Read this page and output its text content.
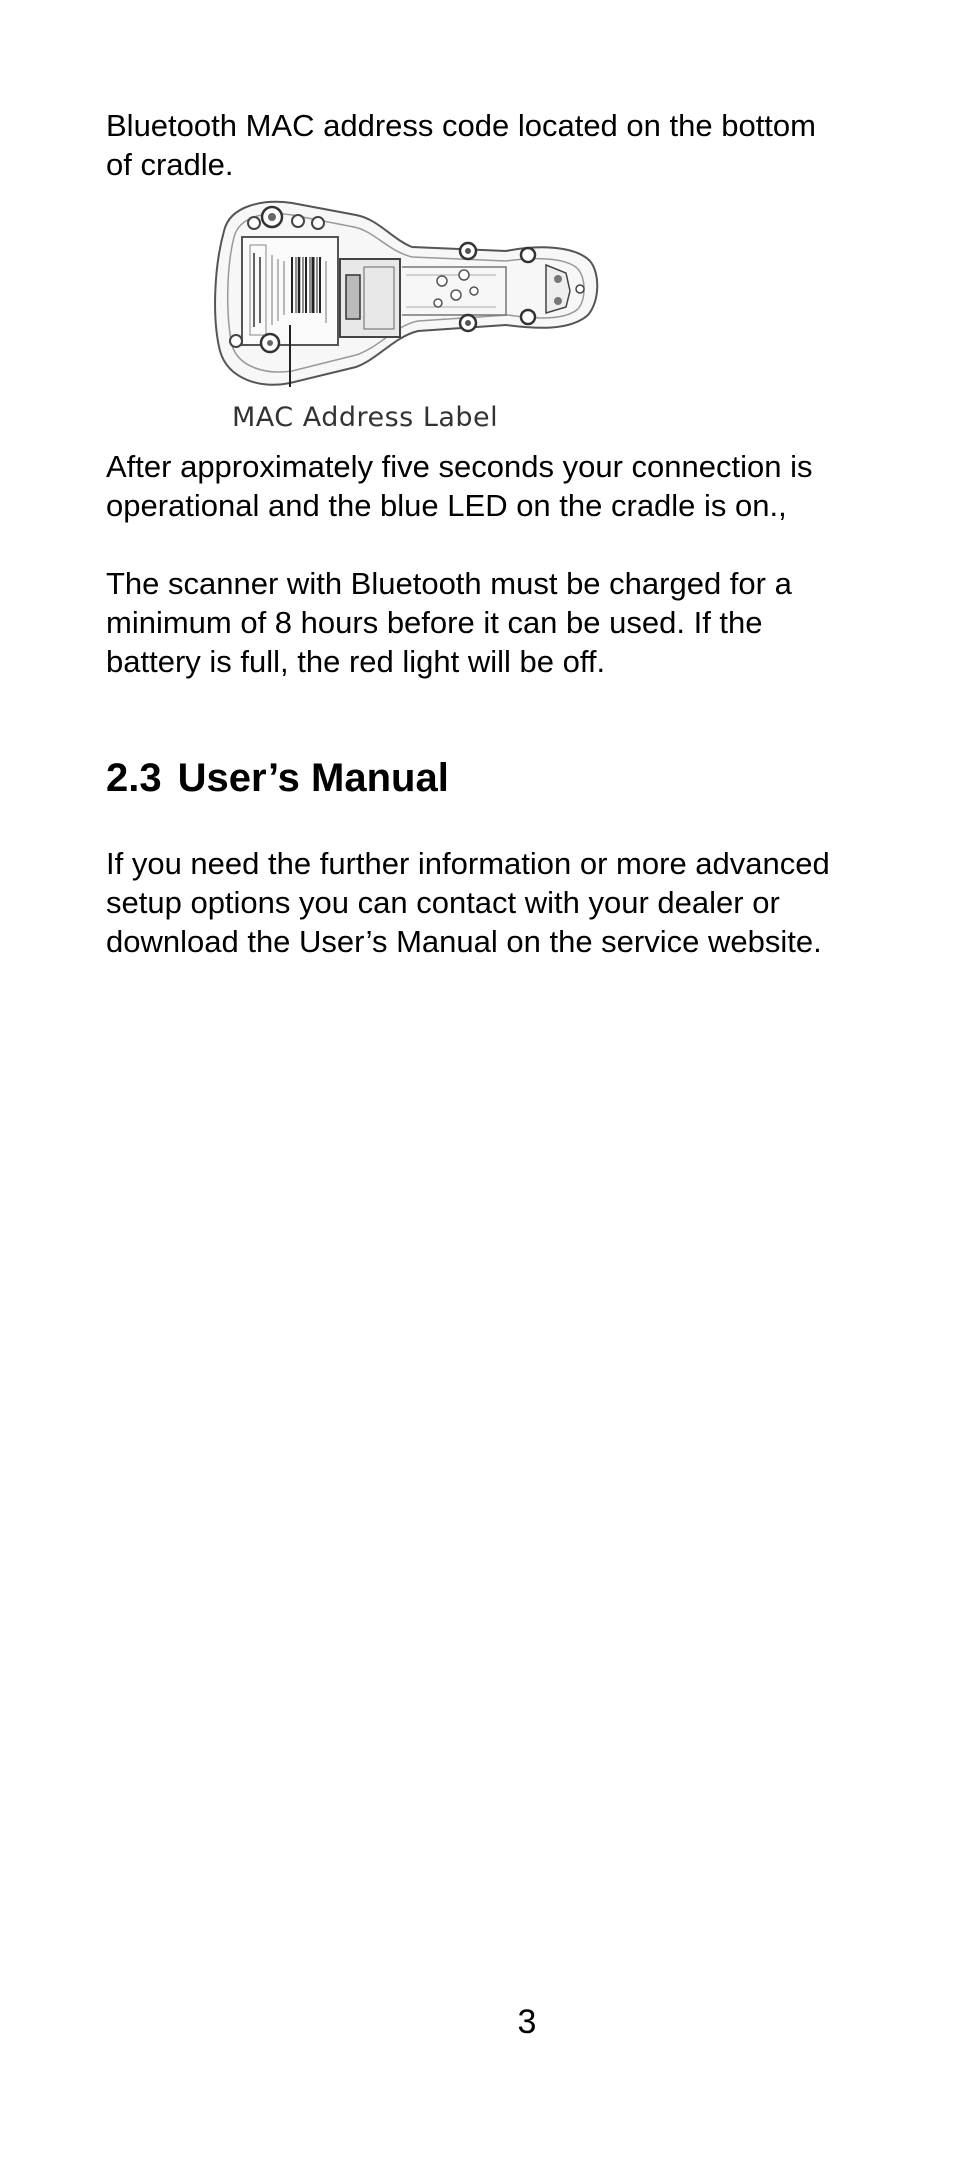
Bluetooth MAC address code located on the bottom
of cradle.

MAC Address Label

After approximately five seconds your connection is
operational and the blue LED on the cradle is on.,

The scanner with Bluetooth must be charged for a
minimum of 8 hours before it can be used. If the
battery is full, the red light will be off.

2.3 User’s Manual

If you need the further information or more advanced
setup options you can contact with your dealer or
download the User’s Manual on the service website.

3
